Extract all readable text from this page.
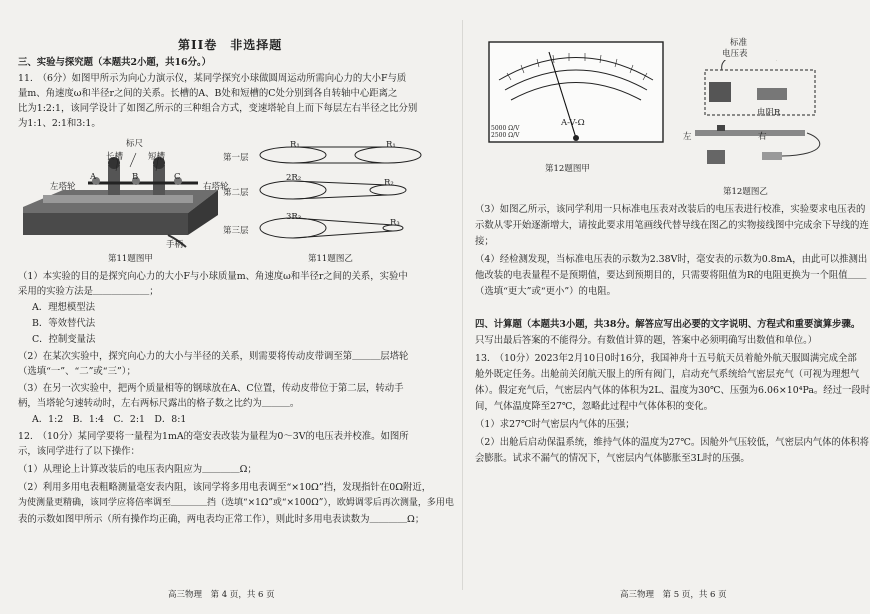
第II卷　非选择题
三、实验与探究题（本题共2小题，共16分。）
11.　（6分）如图甲所示为向心力演示仪，某同学探究小球做圆周运动所需向心力的大小F与质
量m、角速度ω和半径r之间的关系。长槽的A、B处和短槽的C处分别到各自转轴中心距离之
比为1:2:1，该同学设计了如图乙所示的三种组合方式，变速塔轮自上而下每层左右半径之比分别
为1:1、2:1和3:1。
标尺
长槽	短槽
左塔轮	右塔轮
手柄
A	B	C
第11题图甲
第一层
第二层
第三层
R₁	R₁
2R₂	R₂
3R₃
R₃
第11题图乙
（1）本实验的目的是探究向心力的大小F与小球质量m、角速度ω和半径r之间的关系，实验中
采用的实验方法是＿＿＿＿＿＿；
A．理想模型法
B．等效替代法
C．控制变量法
（2）在某次实验中，探究向心力的大小与半径的关系，则需要将传动皮带调至第＿＿＿层塔轮
（选填“一”、“二”或“三”）；
（3）在另一次实验中，把两个质量相等的钢球放在A、C位置，传动皮带位于第二层，转动手
柄，当塔轮匀速转动时，左右两标尺露出的格子数之比约为＿＿＿。
A．1:2　B．1:4　C．2:1　D．8:1
12.　（10分）某同学要将一量程为1mA的毫安表改装为量程为0～3V的电压表并校准。如图所
示，该同学进行了以下操作：
（1）从理论上计算改装后的电压表内阻应为＿＿＿＿Ω；
（2）利用多用电表粗略测量毫安表内阻，该同学将多用电表调至“×10Ω”挡，发现指针在0Ω附近，
为使测量更精确，该同学应将倍率调至＿＿＿＿挡（选填“×1Ω”或“×100Ω”），欧姆调零后再次测量，多用电
表的示数如图甲所示（所有操作均正确，两电表均正常工作），则此时多用电表读数为＿＿＿＿Ω；
高三物理　第 4 页，共 6 页
A-V-Ω
5000 Ω/V
2500 Ω/V
第12题图甲
标准
电压表
电阻R
左	右
第12题图乙
（3）如图乙所示，该同学利用一只标准电压表对改装后的电压表进行校准，实验要求电压表的
示数从零开始逐渐增大，请按此要求用笔画线代替导线在图乙的实物接线图中完成余下导线的连
接；
（4）经检测发现，当标准电压表的示数为2.38V时，毫安表的示数为0.8mA，由此可以推测出
他改装的电表量程不是预期值，要达到预期目的，只需要将阻值为R的电阻更换为一个阻值＿＿
（选填“更大”或“更小”）的电阻。
四、计算题（本题共3小题，共38分。解答应写出必要的文字说明、方程式和重要演算步骤。
只写出最后答案的不能得分。有数值计算的题，答案中必须明确写出数值和单位。）
13.　（10分）2023年2月10日0时16分，我国神舟十五号航天员着舱外航天服圆满完成全部
舱外既定任务。出舱前关闭航天服上的所有阀门，启动充气系统给气密层充气（可视为理想气
体）。假定充气后，气密层内气体的体积为2L、温度为30℃、压强为6.06×10⁴Pa。经过一段时
间，气体温度降至27℃，忽略此过程中气体体积的变化。
（1）求27℃时气密层内气体的压强；
（2）出舱后启动保温系统，维持气体的温度为27℃。因舱外气压较低，气密层内气体的体积将
会膨胀。试求不漏气的情况下，气密层内气体膨胀至3L时的压强。
高三物理　第 5 页，共 6 页
